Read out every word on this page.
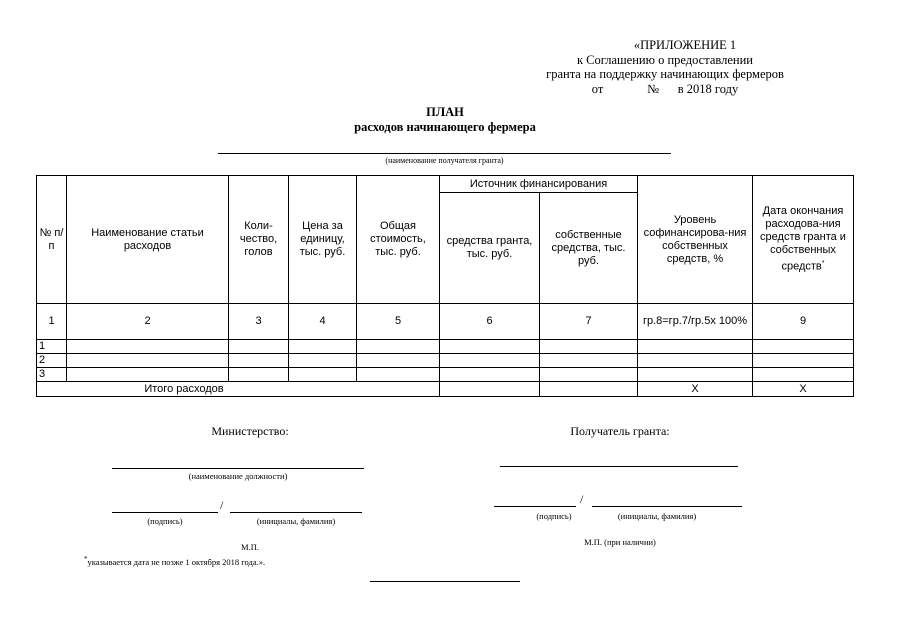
«ПРИЛОЖЕНИЕ 1
к Соглашению о предоставлении
гранта на поддержку начинающих фермеров
от              №      в 2018 году
ПЛАН
расходов начинающего фермера
(наименование получателя гранта)
№ п/п	Наименование статьи расходов	Коли-чество, голов	Цена за единицу, тыс. руб.	Общая стоимость, тыс. руб.	Источник финансирования		Уровень софинансирова-ния собственных средств, %	Дата окончания расходова-ния средств гранта и собственных средств*
					средства гранта, тыс. руб.	собственные средства, тыс. руб.		
1	2	3	4	5	6	7	гр.8=гр.7/гр.5х 100%	9
1								
2								
3								
Итого расходов							Х	Х
Министерство:
(наименование должности)
/
(подпись)	(инициалы, фамилия)
М.П.
*указывается дата не позже 1 октября 2018 года.».
Получатель гранта:
/
(подпись)	(инициалы, фамилия)
М.П. (при наличии)
